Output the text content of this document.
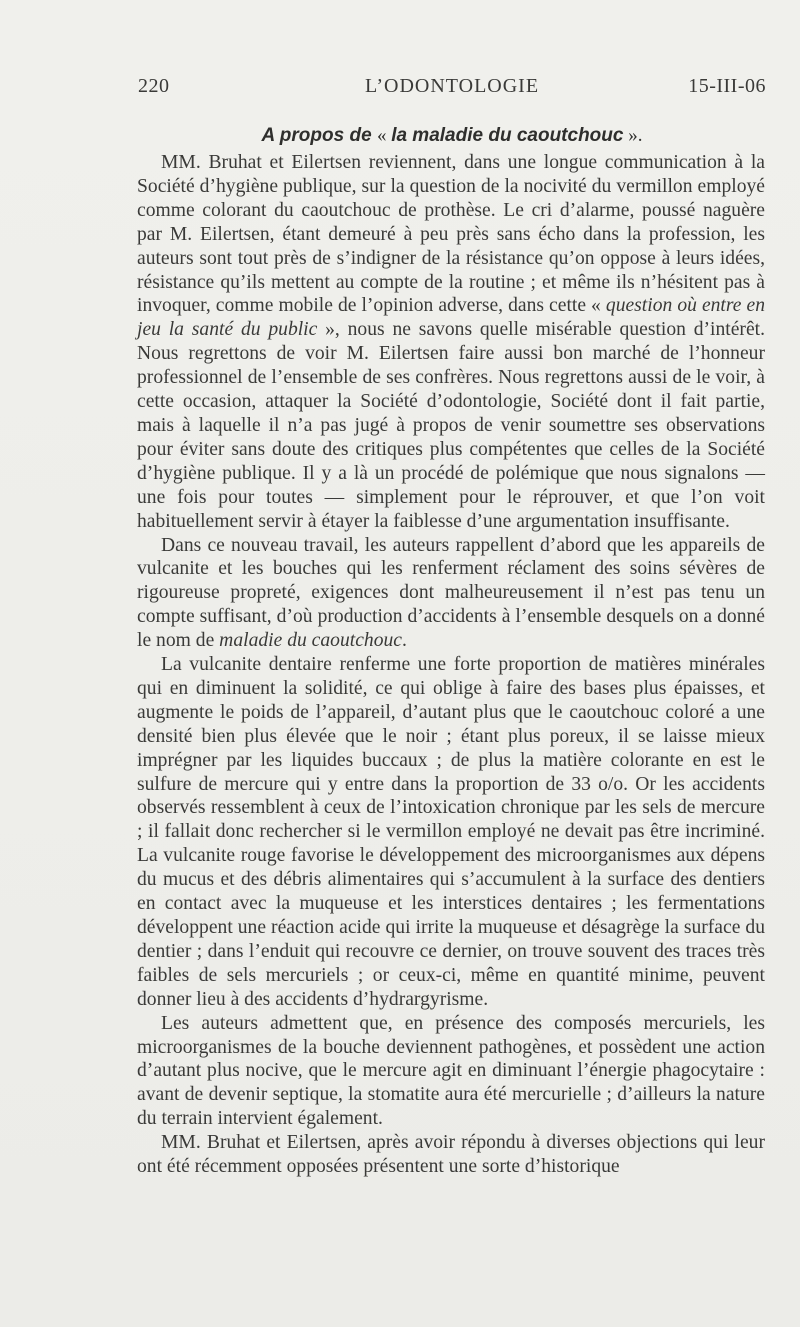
220	L’ODONTOLOGIE	15-III-06
A propos de « la maladie du caoutchouc ».

MM. Bruhat et Eilertsen reviennent, dans une longue communication à la Société d’hygiène publique, sur la question de la nocivité du vermillon employé comme colorant du caoutchouc de prothèse. Le cri d’alarme, poussé naguère par M. Eilertsen, étant demeuré à peu près sans écho dans la profession, les auteurs sont tout près de s’indigner de la résistance qu’on oppose à leurs idées, résistance qu’ils mettent au compte de la routine ; et même ils n’hésitent pas à invoquer, comme mobile de l’opinion adverse, dans cette « question où entre en jeu la santé du public », nous ne savons quelle misérable question d’intérêt. Nous regrettons de voir M. Eilertsen faire aussi bon marché de l’honneur professionnel de l’ensemble de ses confrères. Nous regrettons aussi de le voir, à cette occasion, attaquer la Société d’odontologie, Société dont il fait partie, mais à laquelle il n’a pas jugé à propos de venir soumettre ses observations pour éviter sans doute des critiques plus compétentes que celles de la Société d’hygiène publique. Il y a là un procédé de polémique que nous signalons — une fois pour toutes — simplement pour le réprouver, et que l’on voit habituellement servir à étayer la faiblesse d’une argumentation insuffisante.

Dans ce nouveau travail, les auteurs rappellent d’abord que les appareils de vulcanite et les bouches qui les renferment réclament des soins sévères de rigoureuse propreté, exigences dont malheureusement il n’est pas tenu un compte suffisant, d’où production d’accidents à l’ensemble desquels on a donné le nom de maladie du caoutchouc.

La vulcanite dentaire renferme une forte proportion de matières minérales qui en diminuent la solidité, ce qui oblige à faire des bases plus épaisses, et augmente le poids de l’appareil, d’autant plus que le caoutchouc coloré a une densité bien plus élevée que le noir ; étant plus poreux, il se laisse mieux imprégner par les liquides buccaux ; de plus la matière colorante en est le sulfure de mercure qui y entre dans la proportion de 33 o/o. Or les accidents observés ressemblent à ceux de l’intoxication chronique par les sels de mercure ; il fallait donc rechercher si le vermillon employé ne devait pas être incriminé. La vulcanite rouge favorise le développement des microorganismes aux dépens du mucus et des débris alimentaires qui s’accumulent à la surface des dentiers en contact avec la muqueuse et les interstices dentaires ; les fermentations développent une réaction acide qui irrite la muqueuse et désagrège la surface du dentier ; dans l’enduit qui recouvre ce dernier, on trouve souvent des traces très faibles de sels mercuriels ; or ceux-ci, même en quantité minime, peuvent donner lieu à des accidents d’hydrargyrisme.

Les auteurs admettent que, en présence des composés mercuriels, les microorganismes de la bouche deviennent pathogènes, et possèdent une action d’autant plus nocive, que le mercure agit en diminuant l’énergie phagocytaire : avant de devenir septique, la stomatite aura été mercurielle ; d’ailleurs la nature du terrain intervient également.

MM. Bruhat et Eilertsen, après avoir répondu à diverses objections qui leur ont été récemment opposées présentent une sorte d’historique
